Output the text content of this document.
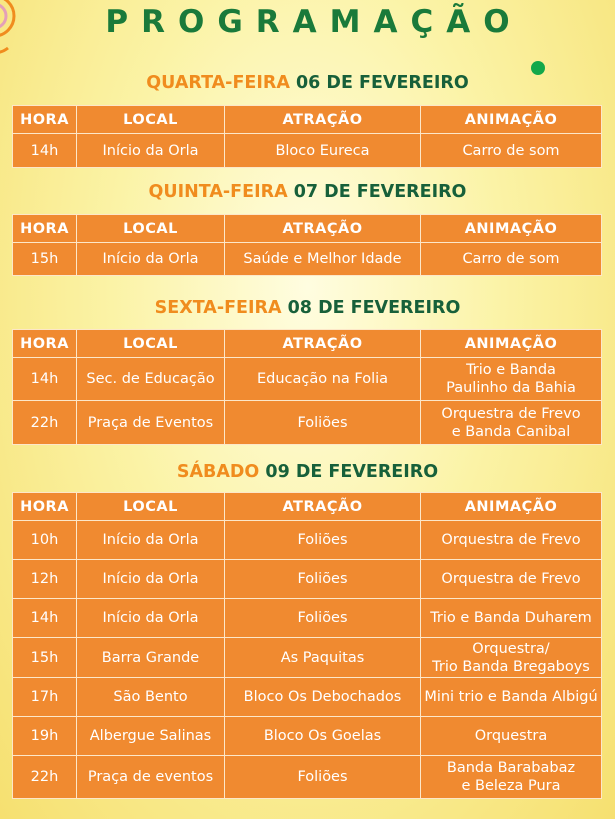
PROGRAMAÇÃO
QUARTA-FEIRA 06 DE FEVEREIRO
HORA	LOCAL	ATRAÇÃO	ANIMAÇÃO
14h	Início da Orla	Bloco Eureca	Carro de som
QUINTA-FEIRA 07 DE FEVEREIRO
HORA	LOCAL	ATRAÇÃO	ANIMAÇÃO
15h	Início da Orla	Saúde e Melhor Idade	Carro de som
SEXTA-FEIRA 08 DE FEVEREIRO
HORA	LOCAL	ATRAÇÃO	ANIMAÇÃO
14h	Sec. de Educação	Educação na Folia	Trio e Banda
Paulinho da Bahia

22h	Praça de Eventos	Foliões	Orquestra de Frevo
e Banda Canibal
SÁBADO 09 DE FEVEREIRO
HORA	LOCAL	ATRAÇÃO	ANIMAÇÃO
10h	Início da Orla	Foliões	Orquestra de Frevo

12h	Início da Orla	Foliões	Orquestra de Frevo

14h	Início da Orla	Foliões	Trio e Banda Duharem

15h	Barra Grande	As Paquitas	Orquestra/
Trio Banda Bregaboys

17h	São Bento	Bloco Os Debochados	Mini trio e Banda Albigú

19h	Albergue Salinas	Bloco Os Goelas	Orquestra

22h	Praça de eventos	Foliões	Banda Barababaz
e Beleza Pura
